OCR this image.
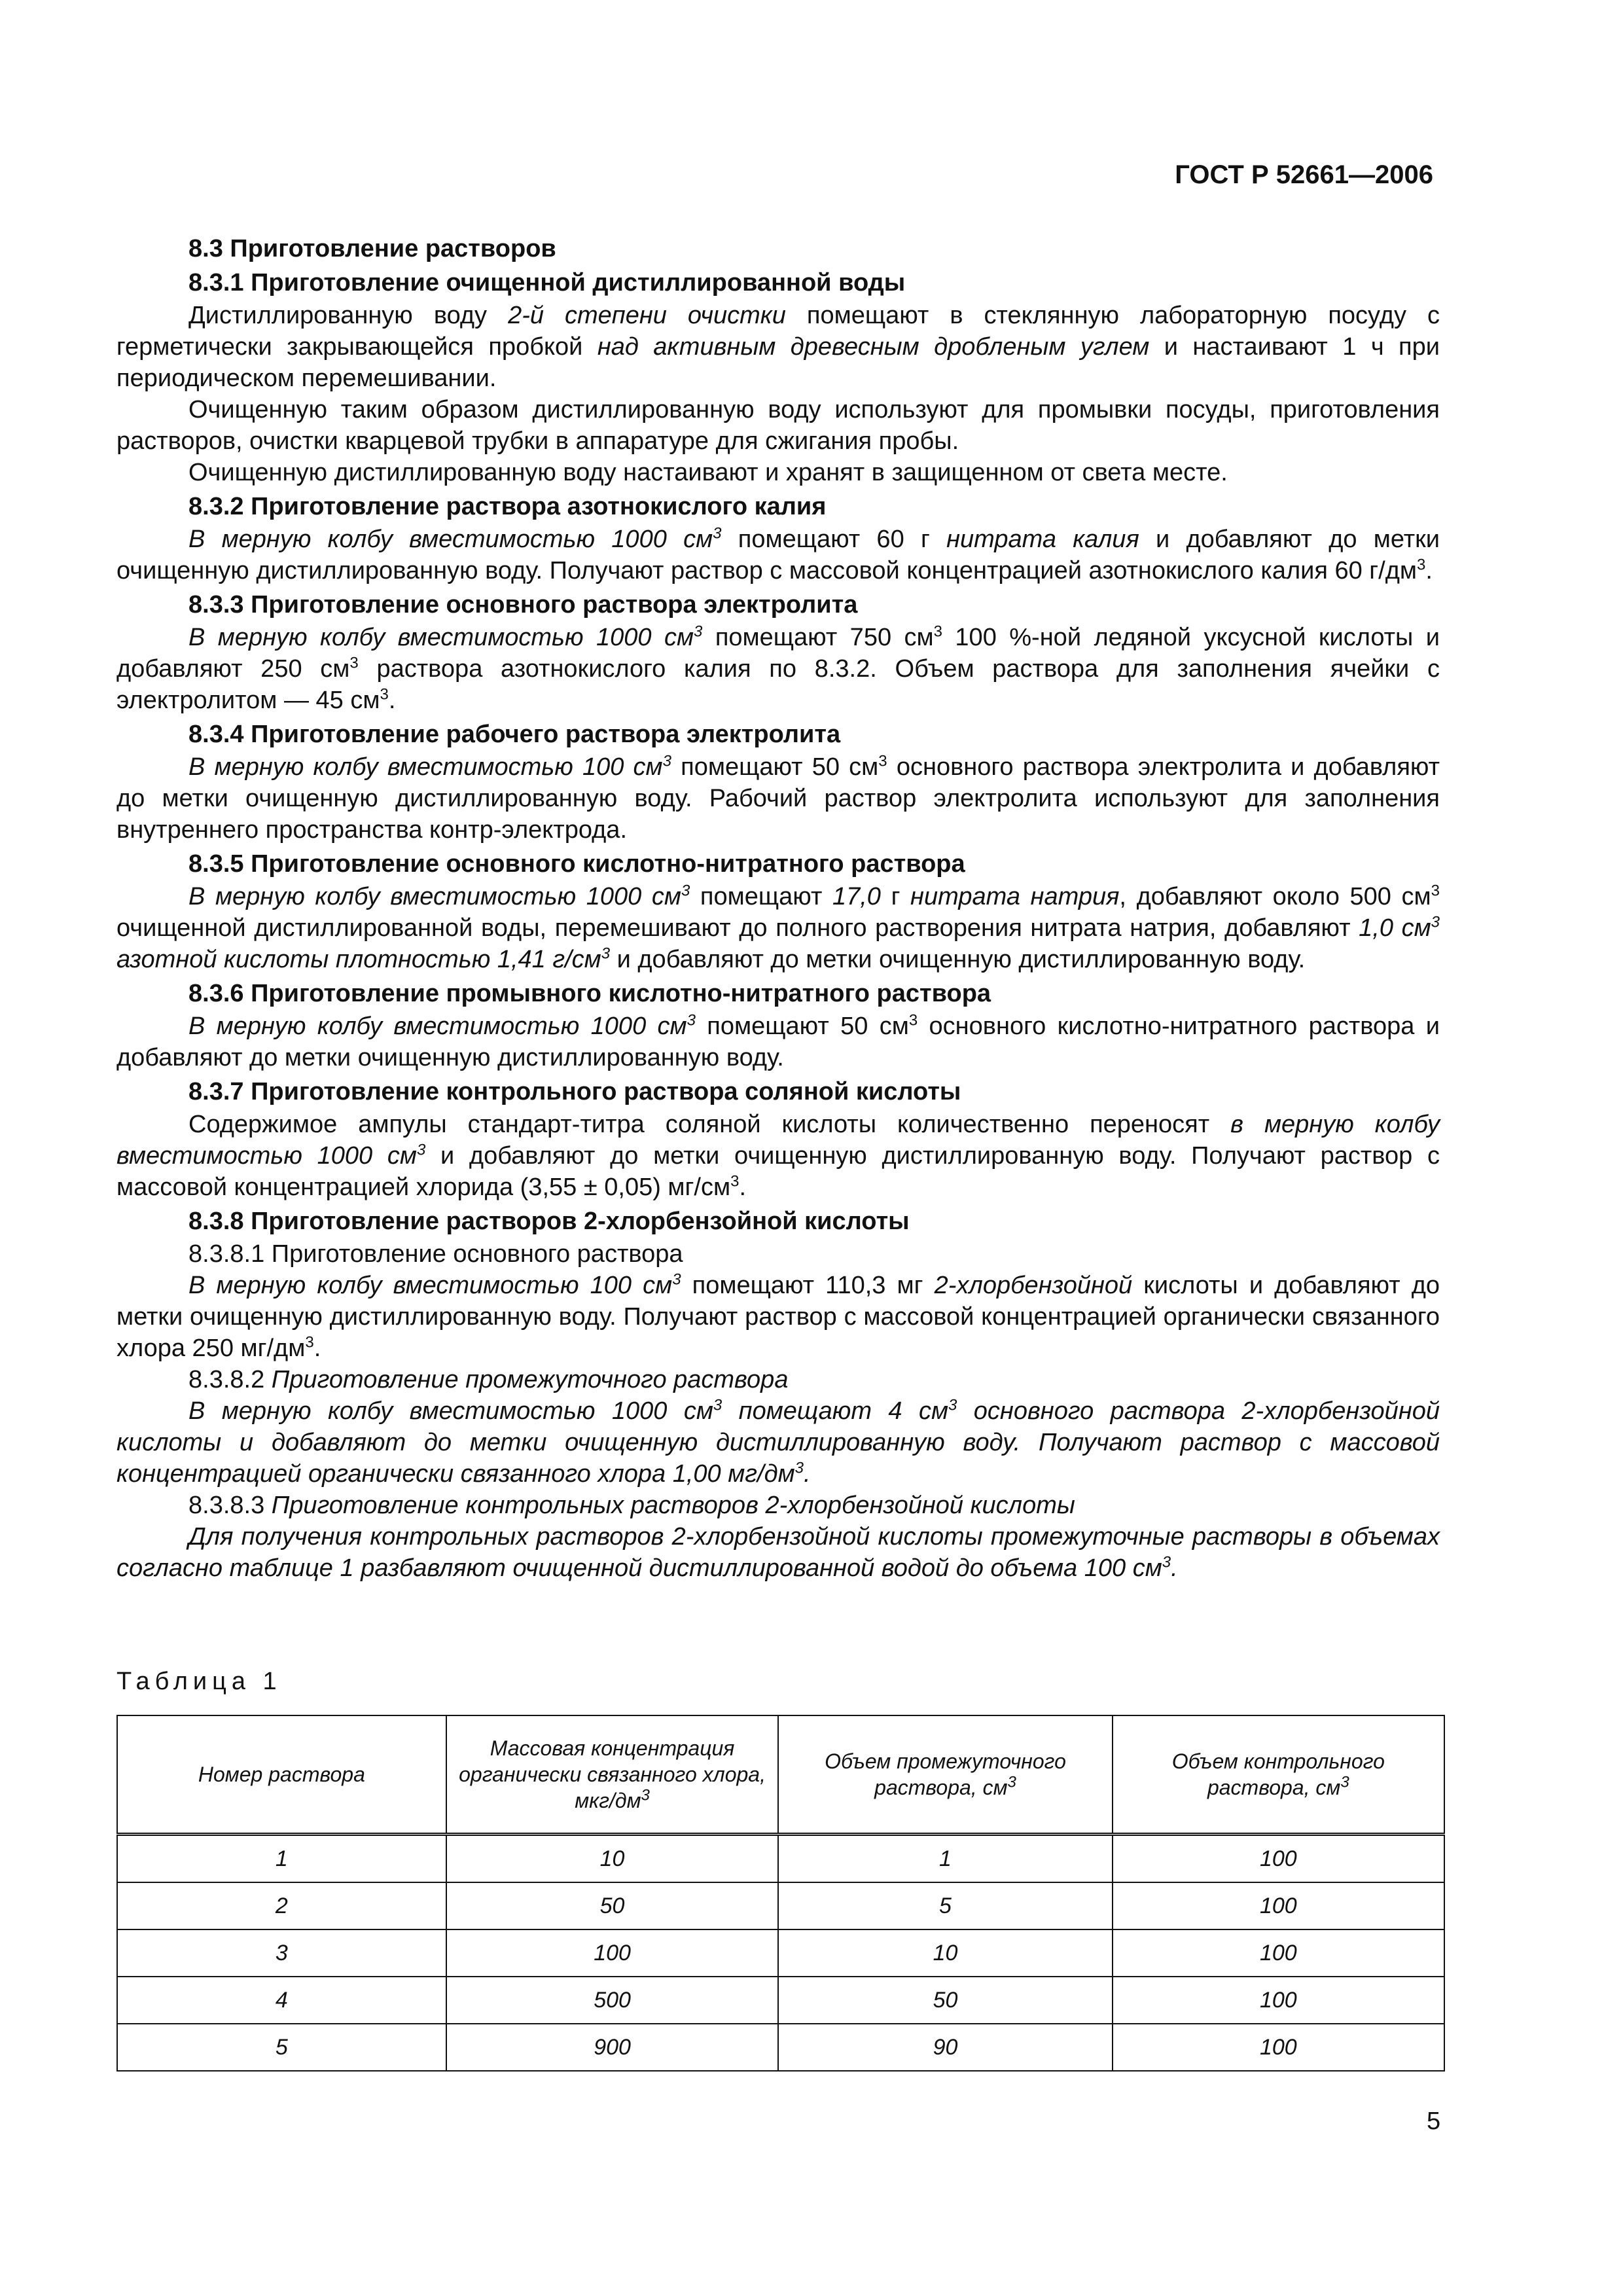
ГОСТ Р 52661—2006

8.3 Приготовление растворов

8.3.1 Приготовление очищенной дистиллированной воды

Дистиллированную воду 2-й степени очистки помещают в стеклянную лабораторную посуду с герметически закрывающейся пробкой над активным древесным дробленым углем и настаивают 1 ч при периодическом перемешивании.

Очищенную таким образом дистиллированную воду используют для промывки посуды, приготовления растворов, очистки кварцевой трубки в аппаратуре для сжигания пробы.

Очищенную дистиллированную воду настаивают и хранят в защищенном от света месте.

8.3.2 Приготовление раствора азотнокислого калия

В мерную колбу вместимостью 1000 $см^3$ помещают 60 г нитрата калия и добавляют до метки очищенную дистиллированную воду. Получают раствор с массовой концентрацией азотнокислого калия 60 $г/дм^3$.

8.3.3 Приготовление основного раствора электролита

В мерную колбу вместимостью 1000 $см^3$ помещают 750 $см^3$ 100 %-ной ледяной уксусной кислоты и добавляют 250 $см^3$ раствора азотнокислого калия по 8.3.2. Объем раствора для заполнения ячейки с электролитом — 45 $см^3$.

8.3.4 Приготовление рабочего раствора электролита

В мерную колбу вместимостью 100 $см^3$ помещают 50 $см^3$ основного раствора электролита и добавляют до метки очищенную дистиллированную воду. Рабочий раствор электролита используют для заполнения внутреннего пространства контр-электрода.

8.3.5 Приготовление основного кислотно-нитратного раствора

В мерную колбу вместимостью 1000 $см^3$ помещают 17,0 г нитрата натрия, добавляют около 500 $см^3$ очищенной дистиллированной воды, перемешивают до полного растворения нитрата натрия, добавляют 1,0 $см^3$ азотной кислоты плотностью 1,41 $г/см^3$ и добавляют до метки очищенную дистиллированную воду.

8.3.6 Приготовление промывного кислотно-нитратного раствора

В мерную колбу вместимостью 1000 $см^3$ помещают 50 $см^3$ основного кислотно-нитратного раствора и добавляют до метки очищенную дистиллированную воду.

8.3.7 Приготовление контрольного раствора соляной кислоты

Содержимое ампулы стандарт-титра соляной кислоты количественно переносят в мерную колбу вместимостью 1000 $см^3$ и добавляют до метки очищенную дистиллированную воду. Получают раствор с массовой концентрацией хлорида (3,55 ± 0,05) $мг/см^3$.

8.3.8 Приготовление растворов 2-хлорбензойной кислоты

8.3.8.1 Приготовление основного раствора

В мерную колбу вместимостью 100 $см^3$ помещают 110,3 мг 2-хлорбензойной кислоты и добавляют до метки очищенную дистиллированную воду. Получают раствор с массовой концентрацией органически связанного хлора 250 $мг/дм^3$.

8.3.8.2 Приготовление промежуточного раствора

В мерную колбу вместимостью 1000 $см^3$ помещают 4 $см^3$ основного раствора 2-хлорбензойной кислоты и добавляют до метки очищенную дистиллированную воду. Получают раствор с массовой концентрацией органически связанного хлора 1,00 $мг/дм^3$.

8.3.8.3 Приготовление контрольных растворов 2-хлорбензойной кислоты

Для получения контрольных растворов 2-хлорбензойной кислоты промежуточные растворы в объемах согласно таблице 1 разбавляют очищенной дистиллированной водой до объема 100 $см^3$.

Таблица 1
Номер раствора	Массовая концентрация органически связанного хлора, мкг/$дм^3$	Объем промежуточного раствора, $см^3$	Объем контрольного раствора, $см^3$
1	10	1	100
2	50	5	100
3	100	10	100
4	500	50	100
5	900	90	100
5
